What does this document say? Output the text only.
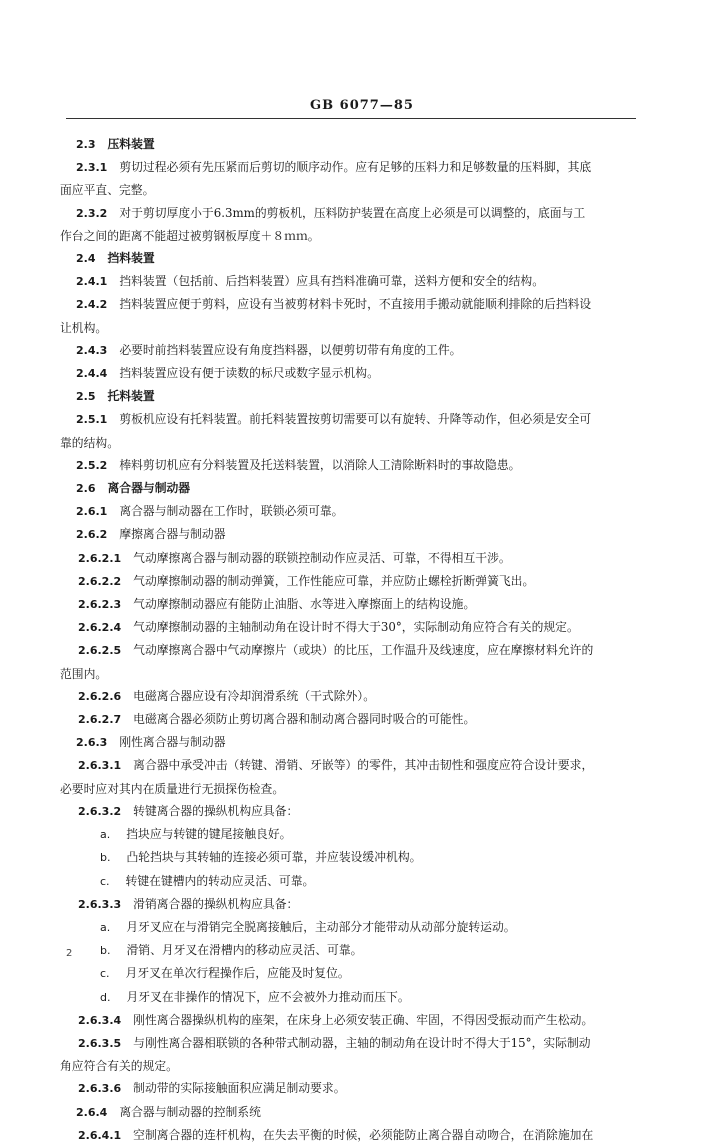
GB 6077—85
2.3 压料装置
2.3.1 剪切过程必须有先压紧而后剪切的顺序动作。应有足够的压料力和足够数量的压料脚，其底
面应平直、完整。
2.3.2 对于剪切厚度小于6.3mm的剪板机，压料防护装置在高度上必须是可以调整的，底面与工
作台之间的距离不能超过被剪钢板厚度＋８ｍｍ。
2.4 挡料装置
2.4.1 挡料装置（包括前、后挡料装置）应具有挡料准确可靠，送料方便和安全的结构。
2.4.2 挡料装置应便于剪料，应设有当被剪材料卡死时，不直接用手搬动就能顺利排除的后挡料设
让机构。
2.4.3 必要时前挡料装置应设有角度挡料器，以便剪切带有角度的工件。
2.4.4 挡料装置应设有便于读数的标尺或数字显示机构。
2.5 托料装置
2.5.1 剪板机应设有托料装置。前托料装置按剪切需要可以有旋转、升降等动作，但必须是安全可
靠的结构。
2.5.2 棒料剪切机应有分料装置及托送料装置，以消除人工清除断料时的事故隐患。
2.6 离合器与制动器
2.6.1 离合器与制动器在工作时，联锁必须可靠。
2.6.2 摩擦离合器与制动器
2.6.2.1 气动摩擦离合器与制动器的联锁控制动作应灵活、可靠，不得相互干涉。
2.6.2.2 气动摩擦制动器的制动弹簧，工作性能应可靠，并应防止螺栓折断弹簧飞出。
2.6.2.3 气动摩擦制动器应有能防止油脂、水等进入摩擦面上的结构设施。
2.6.2.4 气动摩擦制动器的主轴制动角在设计时不得大于30°，实际制动角应符合有关的规定。
2.6.2.5 气动摩擦离合器中气动摩擦片（或块）的比压，工作温升及线速度，应在摩擦材料允许的
范围内。
2.6.2.6 电磁离合器应设有冷却润滑系统（干式除外）。
2.6.2.7 电磁离合器必须防止剪切离合器和制动离合器同时吸合的可能性。
2.6.3 刚性离合器与制动器
2.6.3.1 离合器中承受冲击（转键、滑销、牙嵌等）的零件，其冲击韧性和强度应符合设计要求，
必要时应对其内在质量进行无损探伤检查。
2.6.3.2 转键离合器的操纵机构应具备：
a. 挡块应与转键的键尾接触良好。
b. 凸轮挡块与其转轴的连接必须可靠，并应装设缓冲机构。
c. 转键在键槽内的转动应灵活、可靠。
2.6.3.3 滑销离合器的操纵机构应具备：
a. 月牙叉应在与滑销完全脱离接触后，主动部分才能带动从动部分旋转运动。
b. 滑销、月牙叉在滑槽内的移动应灵活、可靠。
c. 月牙叉在单次行程操作后，应能及时复位。
d. 月牙叉在非操作的情况下，应不会被外力推动而压下。
2.6.3.4 刚性离合器操纵机构的座架，在床身上必须安装正确、牢固，不得因受振动而产生松动。
2.6.3.5 与刚性离合器相联锁的各种带式制动器，主轴的制动角在设计时不得大于15°，实际制动
角应符合有关的规定。
2.6.3.6 制动带的实际接触面积应满足制动要求。
2.6.4 离合器与制动器的控制系统
2.6.4.1 空制离合器的连杆机构，在失去平衡的时候，必须能防止离合器自动吻合，在消除施加在
2
